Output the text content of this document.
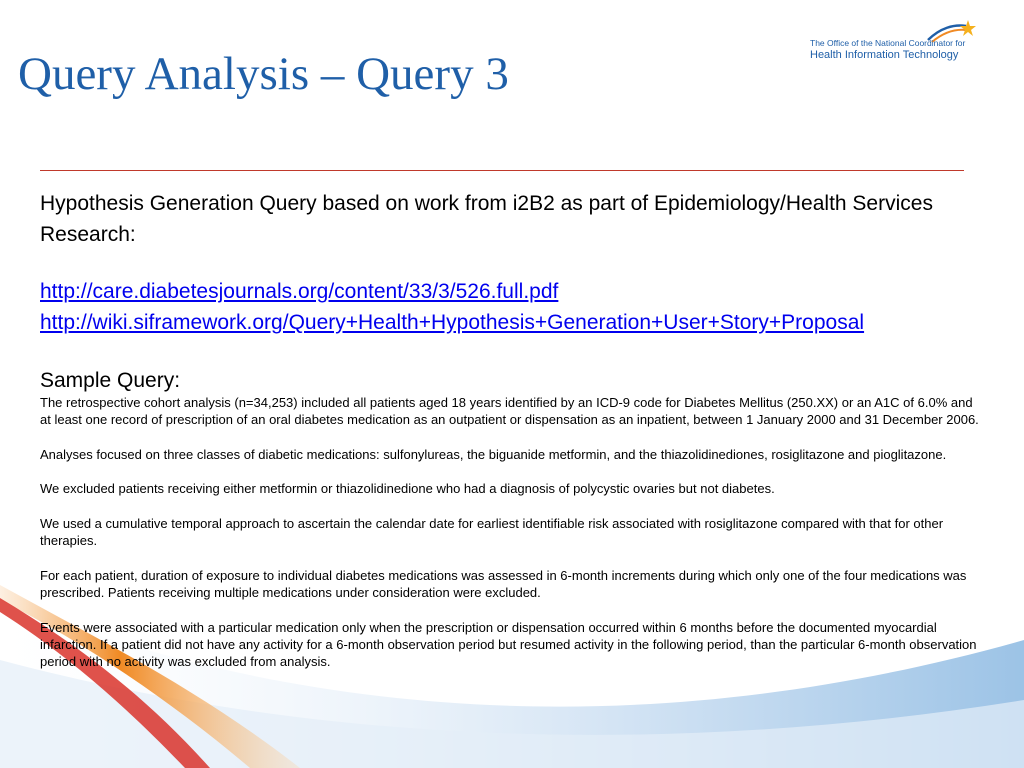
Query Analysis – Query 3
The Office of the National Coordinator for
Health Information Technology

Hypothesis Generation Query based on work from i2B2 as part of Epidemiology/Health Services Research:

http://care.diabetesjournals.org/content/33/3/526.full.pdf
http://wiki.siframework.org/Query+Health+Hypothesis+Generation+User+Story+Proposal
Sample Query:

The retrospective cohort analysis (n=34,253) included all patients aged 18 years identified by an ICD-9 code for Diabetes Mellitus (250.XX) or an A1C of 6.0% and at least one record of prescription of an oral diabetes medication as an outpatient or dispensation as an inpatient, between 1 January 2000 and 31 December 2006.

Analyses focused on three classes of diabetic medications: sulfonylureas, the biguanide metformin, and the thiazolidinediones, rosiglitazone and pioglitazone.

We excluded patients receiving either metformin or thiazolidinedione who had a diagnosis of polycystic ovaries but not diabetes.

We used a cumulative temporal approach to ascertain the calendar date for earliest identifiable risk associated with rosiglitazone compared with that for other therapies.

For each patient, duration of exposure to individual diabetes medications was assessed in 6-month increments during which only one of the four medications was prescribed. Patients receiving multiple medications under consideration were excluded.

Events were associated with a particular medication only when the prescription or dispensation occurred within 6 months before the documented myocardial infarction. If a patient did not have any activity for a 6-month observation period but resumed activity in the following period, than the particular 6-month observation period with no activity was excluded from analysis.
